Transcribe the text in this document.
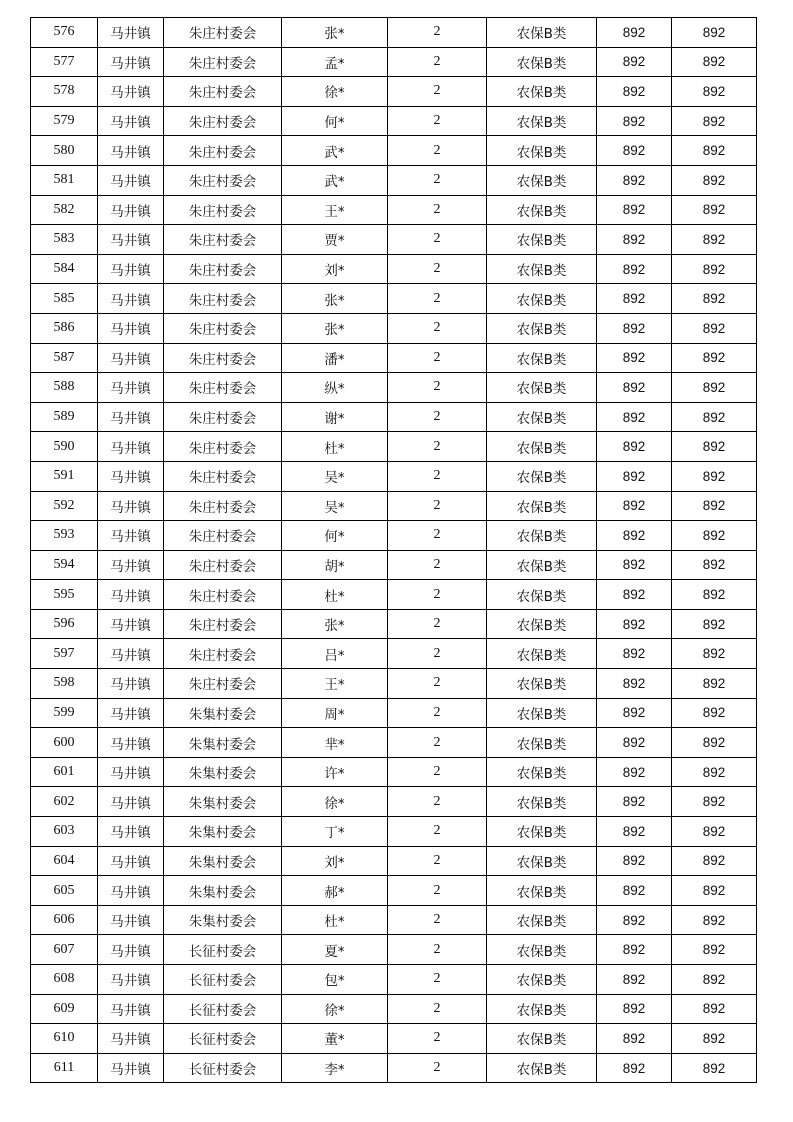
576	马井镇	朱庄村委会	张*	2	农保B类	892	892
577	马井镇	朱庄村委会	孟*	2	农保B类	892	892
578	马井镇	朱庄村委会	徐*	2	农保B类	892	892
579	马井镇	朱庄村委会	何*	2	农保B类	892	892
580	马井镇	朱庄村委会	武*	2	农保B类	892	892
581	马井镇	朱庄村委会	武*	2	农保B类	892	892
582	马井镇	朱庄村委会	王*	2	农保B类	892	892
583	马井镇	朱庄村委会	贾*	2	农保B类	892	892
584	马井镇	朱庄村委会	刘*	2	农保B类	892	892
585	马井镇	朱庄村委会	张*	2	农保B类	892	892
586	马井镇	朱庄村委会	张*	2	农保B类	892	892
587	马井镇	朱庄村委会	潘*	2	农保B类	892	892
588	马井镇	朱庄村委会	纵*	2	农保B类	892	892
589	马井镇	朱庄村委会	谢*	2	农保B类	892	892
590	马井镇	朱庄村委会	杜*	2	农保B类	892	892
591	马井镇	朱庄村委会	吴*	2	农保B类	892	892
592	马井镇	朱庄村委会	吴*	2	农保B类	892	892
593	马井镇	朱庄村委会	何*	2	农保B类	892	892
594	马井镇	朱庄村委会	胡*	2	农保B类	892	892
595	马井镇	朱庄村委会	杜*	2	农保B类	892	892
596	马井镇	朱庄村委会	张*	2	农保B类	892	892
597	马井镇	朱庄村委会	吕*	2	农保B类	892	892
598	马井镇	朱庄村委会	王*	2	农保B类	892	892
599	马井镇	朱集村委会	周*	2	农保B类	892	892
600	马井镇	朱集村委会	芈*	2	农保B类	892	892
601	马井镇	朱集村委会	许*	2	农保B类	892	892
602	马井镇	朱集村委会	徐*	2	农保B类	892	892
603	马井镇	朱集村委会	丁*	2	农保B类	892	892
604	马井镇	朱集村委会	刘*	2	农保B类	892	892
605	马井镇	朱集村委会	郝*	2	农保B类	892	892
606	马井镇	朱集村委会	杜*	2	农保B类	892	892
607	马井镇	长征村委会	夏*	2	农保B类	892	892
608	马井镇	长征村委会	包*	2	农保B类	892	892
609	马井镇	长征村委会	徐*	2	农保B类	892	892
610	马井镇	长征村委会	董*	2	农保B类	892	892
611	马井镇	长征村委会	李*	2	农保B类	892	892
